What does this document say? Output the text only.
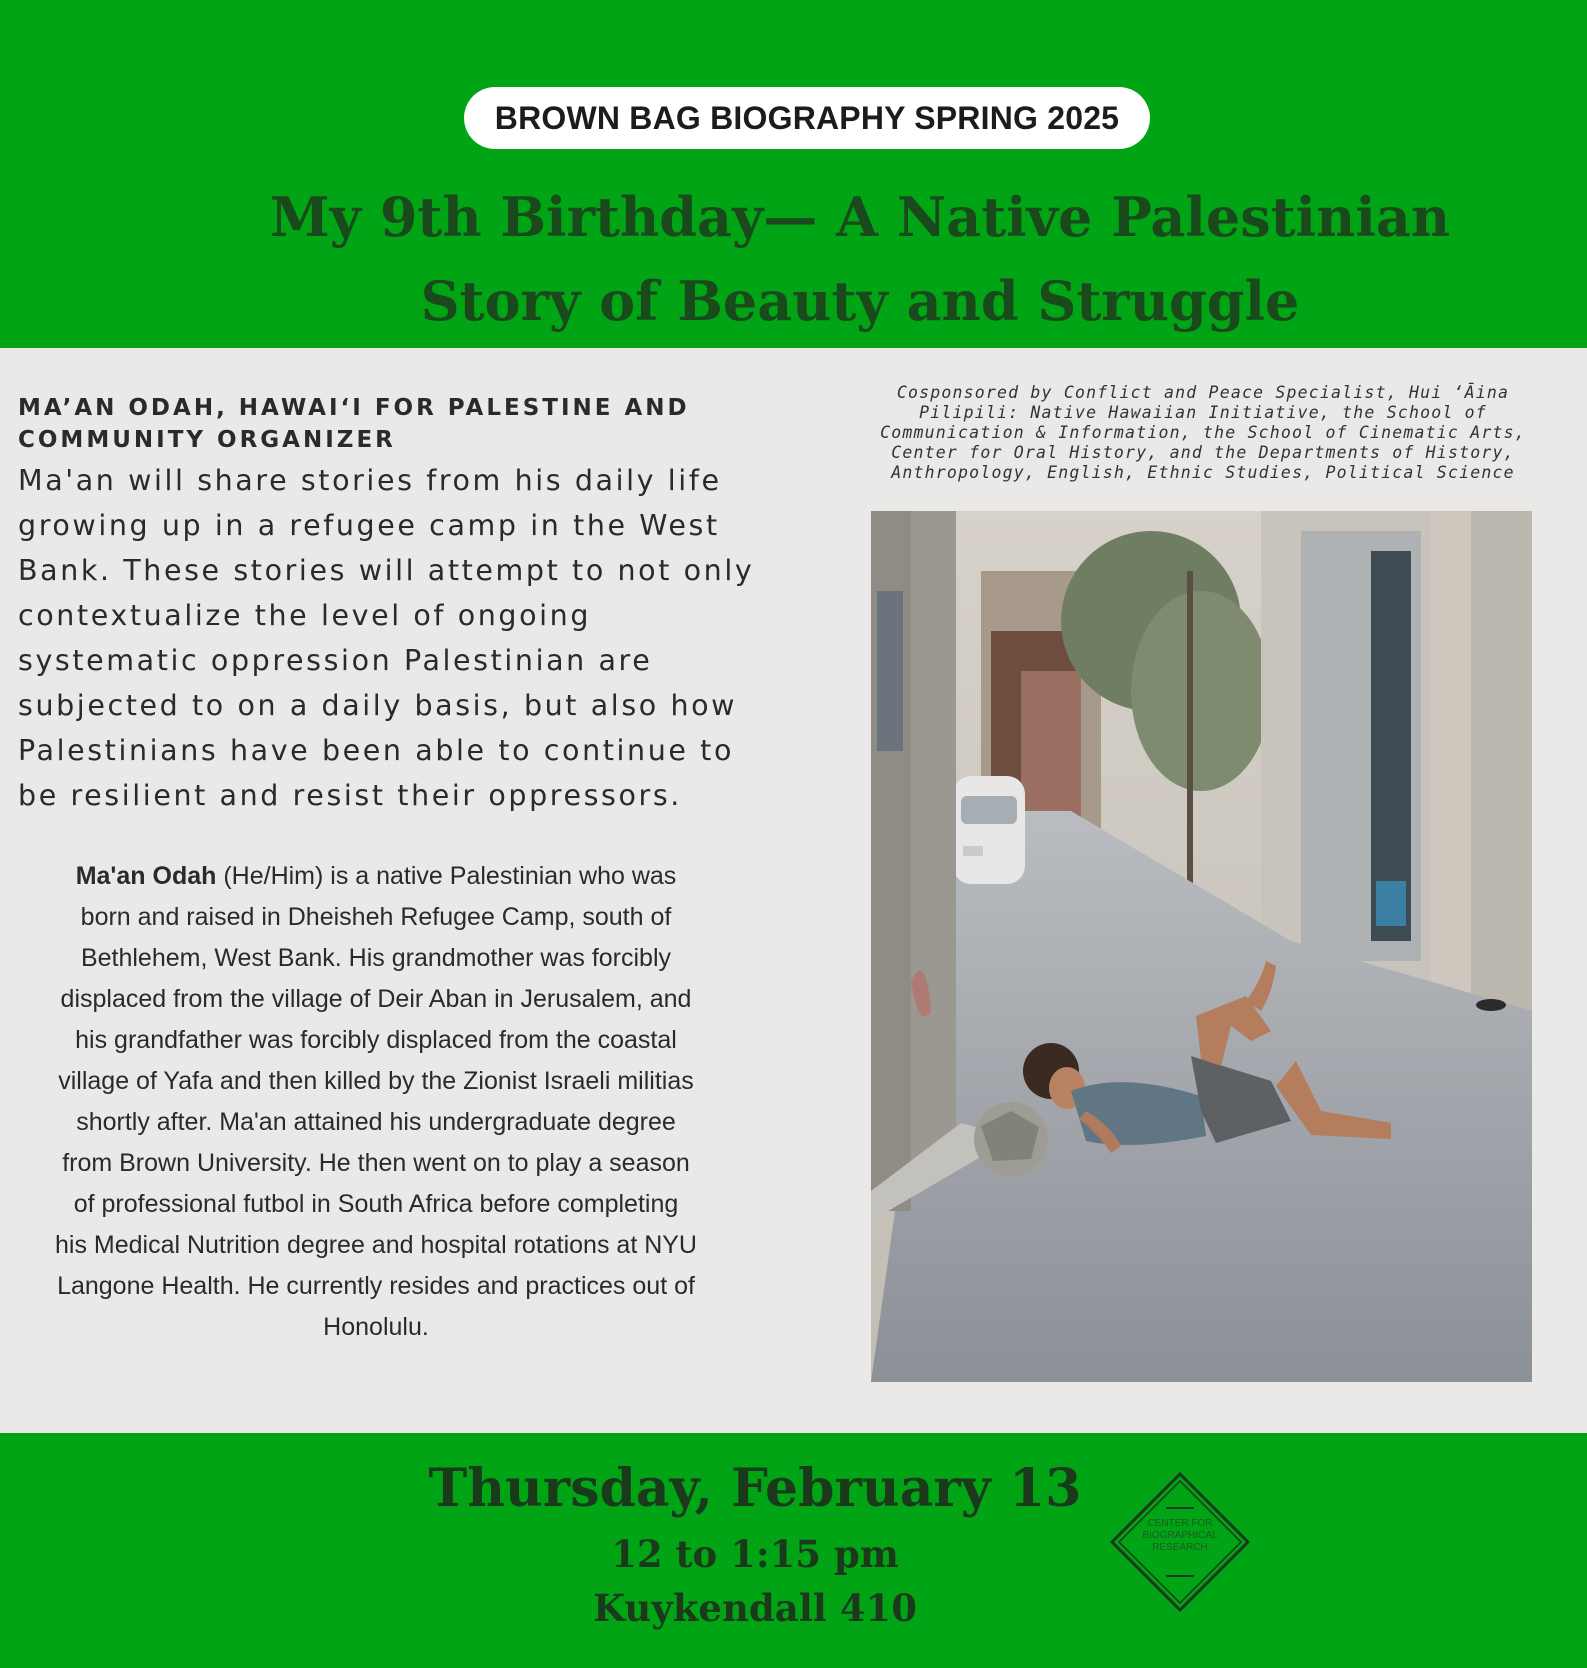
BROWN BAG BIOGRAPHY SPRING 2025
My 9th Birthday— A Native Palestinian
Story of Beauty and Struggle
MA’AN ODAH, HAWAI‘I FOR PALESTINE AND
COMMUNITY ORGANIZER
Ma'an will share stories from his daily life
growing up in a refugee camp in the West
Bank. These stories will attempt to not only
contextualize the level of ongoing
systematic oppression Palestinian are
subjected to on a daily basis, but also how
Palestinians have been able to continue to
be resilient and resist their oppressors.
Ma'an Odah (He/Him) is a native Palestinian who was
born and raised in Dheisheh Refugee Camp, south of
Bethlehem, West Bank. His grandmother was forcibly
displaced from the village of Deir Aban in Jerusalem, and
his grandfather was forcibly displaced from the coastal
village of Yafa and then killed by the Zionist Israeli militias
shortly after. Ma'an attained his undergraduate degree
from Brown University. He then went on to play a season
of professional futbol in South Africa before completing
his Medical Nutrition degree and hospital rotations at NYU
Langone Health. He currently resides and practices out of
Honolulu.
Cosponsored by Conflict and Peace Specialist, Hui ʻĀina
Pilipili: Native Hawaiian Initiative, the School of
Communication & Information, the School of Cinematic Arts,
Center for Oral History, and the Departments of History,
Anthropology, English, Ethnic Studies, Political Science
Thursday, February 13
12 to 1:15 pm
Kuykendall 410
CENTER FOR
BIOGRAPHICAL
RESEARCH
